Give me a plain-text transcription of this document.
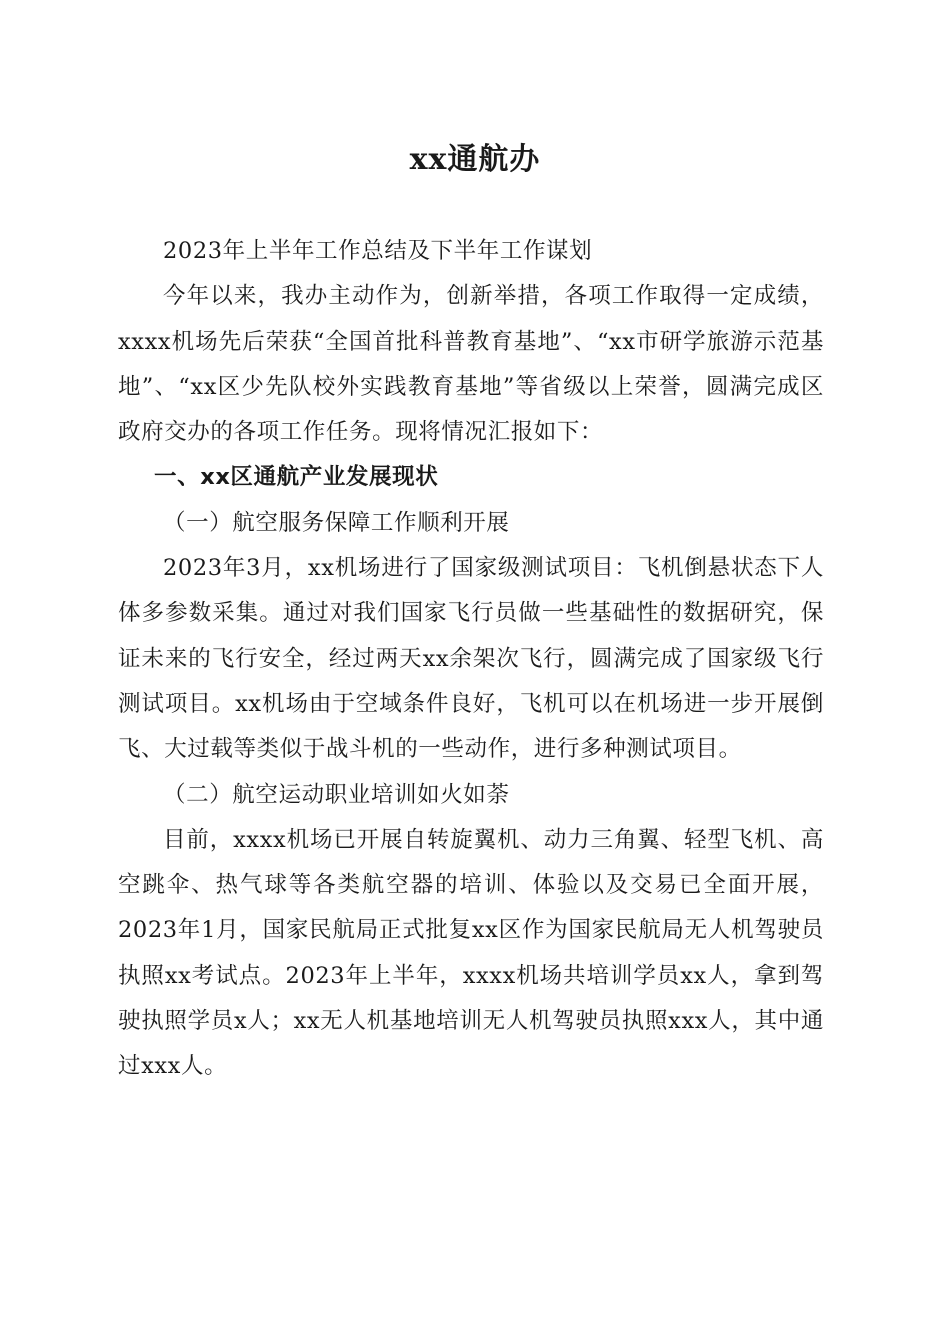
xx通航办

2023年上半年工作总结及下半年工作谋划

今年以来，我办主动作为，创新举措，各项工作取得一定成绩，xxxx机场先后荣获“全国首批科普教育基地”、“xx市研学旅游示范基地”、“xx区少先队校外实践教育基地”等省级以上荣誉，圆满完成区政府交办的各项工作任务。现将情况汇报如下：

一、xx区通航产业发展现状

（一）航空服务保障工作顺利开展

2023年3月，xx机场进行了国家级测试项目：飞机倒悬状态下人体多参数采集。通过对我们国家飞行员做一些基础性的数据研究，保证未来的飞行安全，经过两天xx余架次飞行，圆满完成了国家级飞行测试项目。xx机场由于空域条件良好，飞机可以在机场进一步开展倒飞、大过载等类似于战斗机的一些动作，进行多种测试项目。

（二）航空运动职业培训如火如荼

目前，xxxx机场已开展自转旋翼机、动力三角翼、轻型飞机、高空跳伞、热气球等各类航空器的培训、体验以及交易已全面开展，2023年1月，国家民航局正式批复xx区作为国家民航局无人机驾驶员执照xx考试点。2023年上半年，xxxx机场共培训学员xx人，拿到驾驶执照学员x人；xx无人机基地培训无人机驾驶员执照xxx人，其中通过xxx人。
